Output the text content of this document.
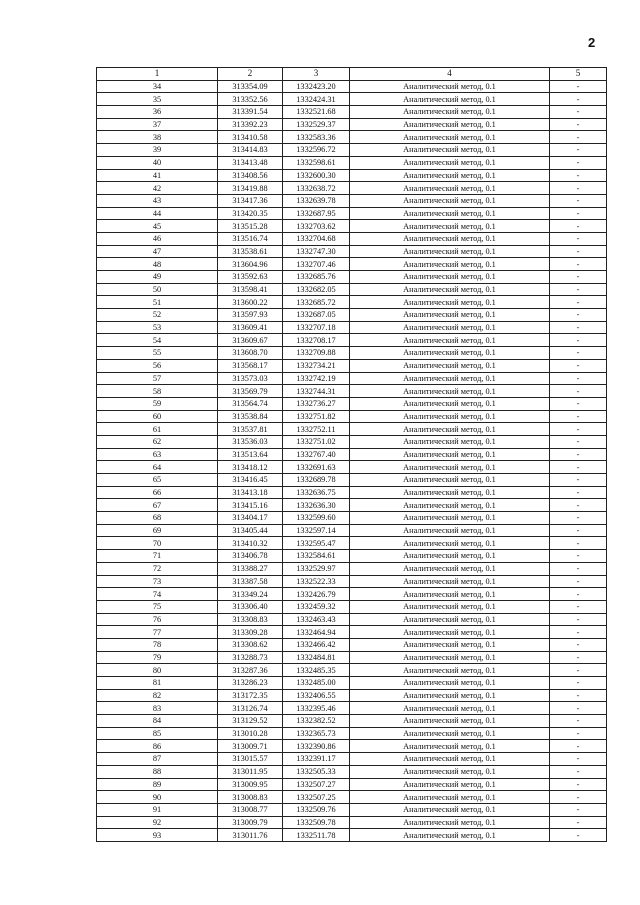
2
1	2	3	4	5
34	313354.09	1332423.20	Аналитический метод, 0.1	-
35	313352.56	1332424.31	Аналитический метод, 0.1	-
36	313391.54	1332521.68	Аналитический метод, 0.1	-
37	313392.23	1332529.37	Аналитический метод, 0.1	-
38	313410.58	1332583.36	Аналитический метод, 0.1	-
39	313414.83	1332596.72	Аналитический метод, 0.1	-
40	313413.48	1332598.61	Аналитический метод, 0.1	-
41	313408.56	1332600.30	Аналитический метод, 0.1	-
42	313419.88	1332638.72	Аналитический метод, 0.1	-
43	313417.36	1332639.78	Аналитический метод, 0.1	-
44	313420.35	1332687.95	Аналитический метод, 0.1	-
45	313515.28	1332703.62	Аналитический метод, 0.1	-
46	313516.74	1332704.68	Аналитический метод, 0.1	-
47	313538.61	1332747.30	Аналитический метод, 0.1	-
48	313604.96	1332707.46	Аналитический метод, 0.1	-
49	313592.63	1332685.76	Аналитический метод, 0.1	-
50	313598.41	1332682.05	Аналитический метод, 0.1	-
51	313600.22	1332685.72	Аналитический метод, 0.1	-
52	313597.93	1332687.05	Аналитический метод, 0.1	-
53	313609.41	1332707.18	Аналитический метод, 0.1	-
54	313609.67	1332708.17	Аналитический метод, 0.1	-
55	313608.70	1332709.88	Аналитический метод, 0.1	-
56	313568.17	1332734.21	Аналитический метод, 0.1	-
57	313573.03	1332742.19	Аналитический метод, 0.1	-
58	313569.79	1332744.31	Аналитический метод, 0.1	-
59	313564.74	1332736.27	Аналитический метод, 0.1	-
60	313538.84	1332751.82	Аналитический метод, 0.1	-
61	313537.81	1332752.11	Аналитический метод, 0.1	-
62	313536.03	1332751.02	Аналитический метод, 0.1	-
63	313513.64	1332767.40	Аналитический метод, 0.1	-
64	313418.12	1332691.63	Аналитический метод, 0.1	-
65	313416.45	1332689.78	Аналитический метод, 0.1	-
66	313413.18	1332636.75	Аналитический метод, 0.1	-
67	313415.16	1332636.30	Аналитический метод, 0.1	-
68	313404.17	1332599.60	Аналитический метод, 0.1	-
69	313405.44	1332597.14	Аналитический метод, 0.1	-
70	313410.32	1332595.47	Аналитический метод, 0.1	-
71	313406.78	1332584.61	Аналитический метод, 0.1	-
72	313388.27	1332529.97	Аналитический метод, 0.1	-
73	313387.58	1332522.33	Аналитический метод, 0.1	-
74	313349.24	1332426.79	Аналитический метод, 0.1	-
75	313306.40	1332459.32	Аналитический метод, 0.1	-
76	313308.83	1332463.43	Аналитический метод, 0.1	-
77	313309.28	1332464.94	Аналитический метод, 0.1	-
78	313308.62	1332466.42	Аналитический метод, 0.1	-
79	313288.73	1332484.81	Аналитический метод, 0.1	-
80	313287.36	1332485.35	Аналитический метод, 0.1	-
81	313286.23	1332485.00	Аналитический метод, 0.1	-
82	313172.35	1332406.55	Аналитический метод, 0.1	-
83	313126.74	1332395.46	Аналитический метод, 0.1	-
84	313129.52	1332382.52	Аналитический метод, 0.1	-
85	313010.28	1332365.73	Аналитический метод, 0.1	-
86	313009.71	1332390.86	Аналитический метод, 0.1	-
87	313015.57	1332391.17	Аналитический метод, 0.1	-
88	313011.95	1332505.33	Аналитический метод, 0.1	-
89	313009.95	1332507.27	Аналитический метод, 0.1	-
90	313008.83	1332507.25	Аналитический метод, 0.1	-
91	313008.77	1332509.76	Аналитический метод, 0.1	-
92	313009.79	1332509.78	Аналитический метод, 0.1	-
93	313011.76	1332511.78	Аналитический метод, 0.1	-
